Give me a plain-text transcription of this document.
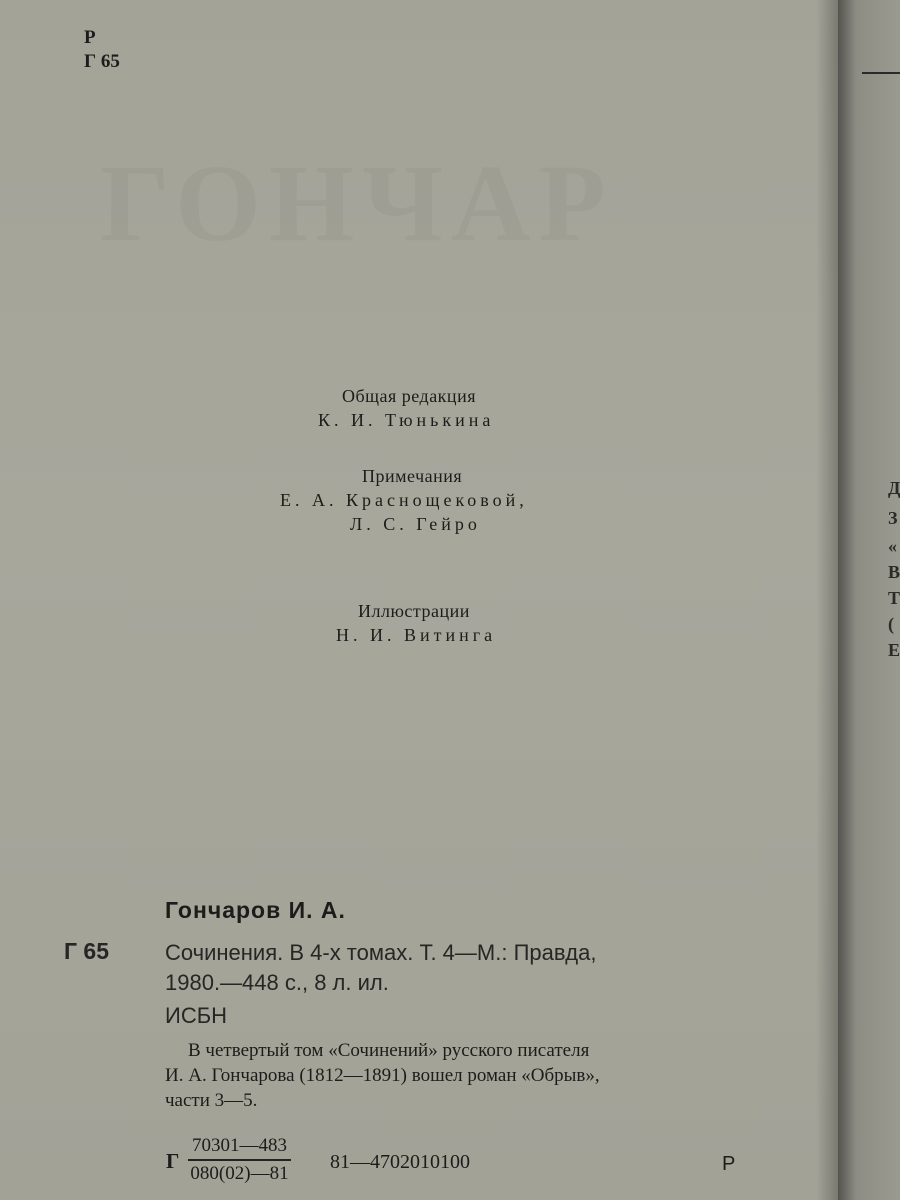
Р
Г 65
Общая редакция
К. И. Тюнькина
Примечания
Е. А. Краснощековой,
Л. С. Гейро
Иллюстрации
Н. И. Витинга
Гончаров И. А.
Г 65	Сочинения. В 4-х томах. Т. 4—М.: Правда,
1980.—448 с., 8 л. ил.
ИСБН
В четвертый том «Сочинений» русского писателя
И. А. Гончарова (1812—1891) вошел роман «Обрыв»,
части 3—5.
Г $\frac{70301—483}{080(02)—81}$ 81—4702010100	Р
Д
З
«
В
Т
(
Е
